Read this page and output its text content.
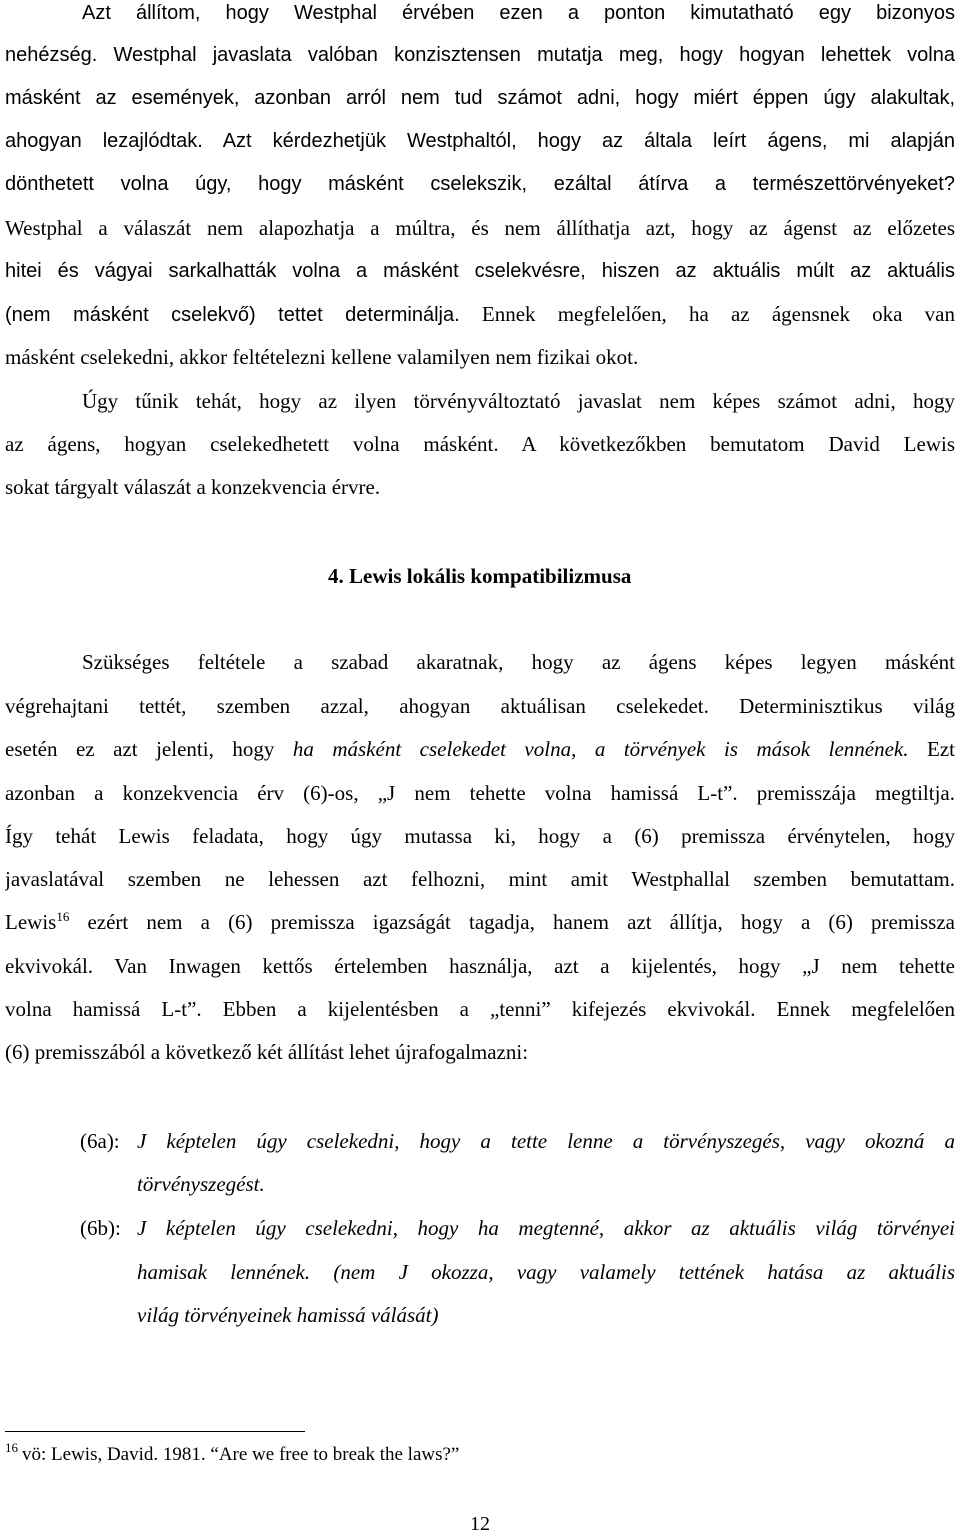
Azt állítom, hogy Westphal érvében ezen a ponton kimutatható egy bizonyos
nehézség. Westphal javaslata valóban konzisztensen mutatja meg, hogy hogyan lehettek volna
másként az események, azonban arról nem tud számot adni, hogy miért éppen úgy alakultak,
ahogyan lezajlódtak. Azt kérdezhetjük Westphaltól, hogy az általa leírt ágens, mi alapján
dönthetett volna úgy, hogy másként cselekszik, ezáltal átírva a természettörvényeket?
Westphal a válaszát nem alapozhatja a múltra, és nem állíthatja azt, hogy az ágenst az előzetes
hitei és vágyai sarkalhatták volna a másként cselekvésre, hiszen az aktuális múlt az aktuális
(nem másként cselekvő) tettet determinálja. Ennek megfelelően, ha az ágensnek oka van
másként cselekedni, akkor feltételezni kellene valamilyen nem fizikai okot.
Úgy tűnik tehát, hogy az ilyen törvényváltoztató javaslat nem képes számot adni, hogy
az ágens, hogyan cselekedhetett volna másként. A következőkben bemutatom David Lewis
sokat tárgyalt válaszát a konzekvencia érvre.
4. Lewis lokális kompatibilizmusa
Szükséges feltétele a szabad akaratnak, hogy az ágens képes legyen másként
végrehajtani tettét, szemben azzal, ahogyan aktuálisan cselekedet. Determinisztikus világ
esetén ez azt jelenti, hogy ha másként cselekedet volna, a törvények is mások lennének. Ezt
azonban a konzekvencia érv (6)-os, „J nem tehette volna hamissá L-t”. premisszája megtiltja.
Így tehát Lewis feladata, hogy úgy mutassa ki, hogy a (6) premissza érvénytelen, hogy
javaslatával szemben ne lehessen azt felhozni, mint amit Westphallal szemben bemutattam.
Lewis$^{16}$ ezért nem a (6) premissza igazságát tagadja, hanem azt állítja, hogy a (6) premissza
ekvivokál. Van Inwagen kettős értelemben használja, azt a kijelentés, hogy „J nem tehette
volna hamissá L-t”. Ebben a kijelentésben a „tenni” kifejezés ekvivokál. Ennek megfelelően
(6) premisszából a következő két állítást lehet újrafogalmazni:
(6a): J képtelen úgy cselekedni, hogy a tette lenne a törvényszegés, vagy okozná a
törvényszegést.
(6b): J képtelen úgy cselekedni, hogy ha megtenné, akkor az aktuális világ törvényei
hamisak lennének. (nem J okozza, vagy valamely tettének hatása az aktuális
világ törvényeinek hamissá válását)
$^{16}$ vö: Lewis, David. 1981. “Are we free to break the laws?”
12
